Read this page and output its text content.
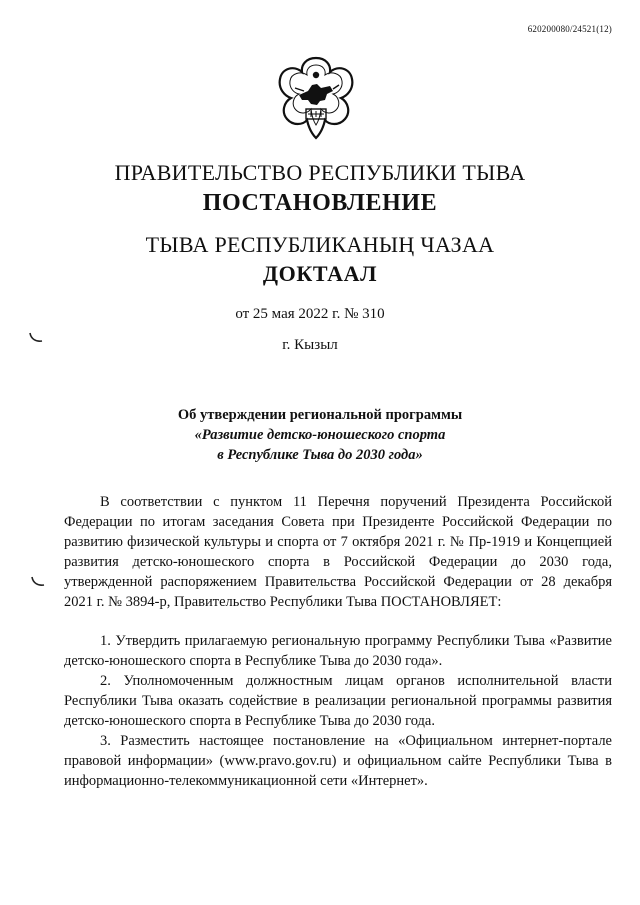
620200080/24521(12)
ПРАВИТЕЛЬСТВО РЕСПУБЛИКИ ТЫВА
ПОСТАНОВЛЕНИЕ
ТЫВА РЕСПУБЛИКАНЫҢ ЧАЗАА
ДОКТААЛ
от 25 мая 2022 г. № 310
г. Кызыл
Об утверждении региональной программы
«Развитие детско-юношеского спорта
в Республике Тыва до 2030 года»

В соответствии с пунктом 11 Перечня поручений Президента Российской Федерации по итогам заседания Совета при Президенте Российской Федерации по развитию физической культуры и спорта от 7 октября 2021 г. № Пр-1919 и Концепцией развития детско-юношеского спорта в Российской Федерации до 2030 года, утвержденной распоряжением Правительства Российской Федерации от 28 декабря 2021 г. № 3894-р, Правительство Республики Тыва ПОСТАНОВЛЯЕТ:

1. Утвердить прилагаемую региональную программу Республики Тыва «Развитие детско-юношеского спорта в Республике Тыва до 2030 года».

2. Уполномоченным должностным лицам органов исполнительной власти Республики Тыва оказать содействие в реализации региональной программы развития детско-юношеского спорта в Республике Тыва до 2030 года.

3. Разместить настоящее постановление на «Официальном интернет-портале правовой информации» (www.pravo.gov.ru) и официальном сайте Республики Тыва в информационно-телекоммуникационной сети «Интернет».
